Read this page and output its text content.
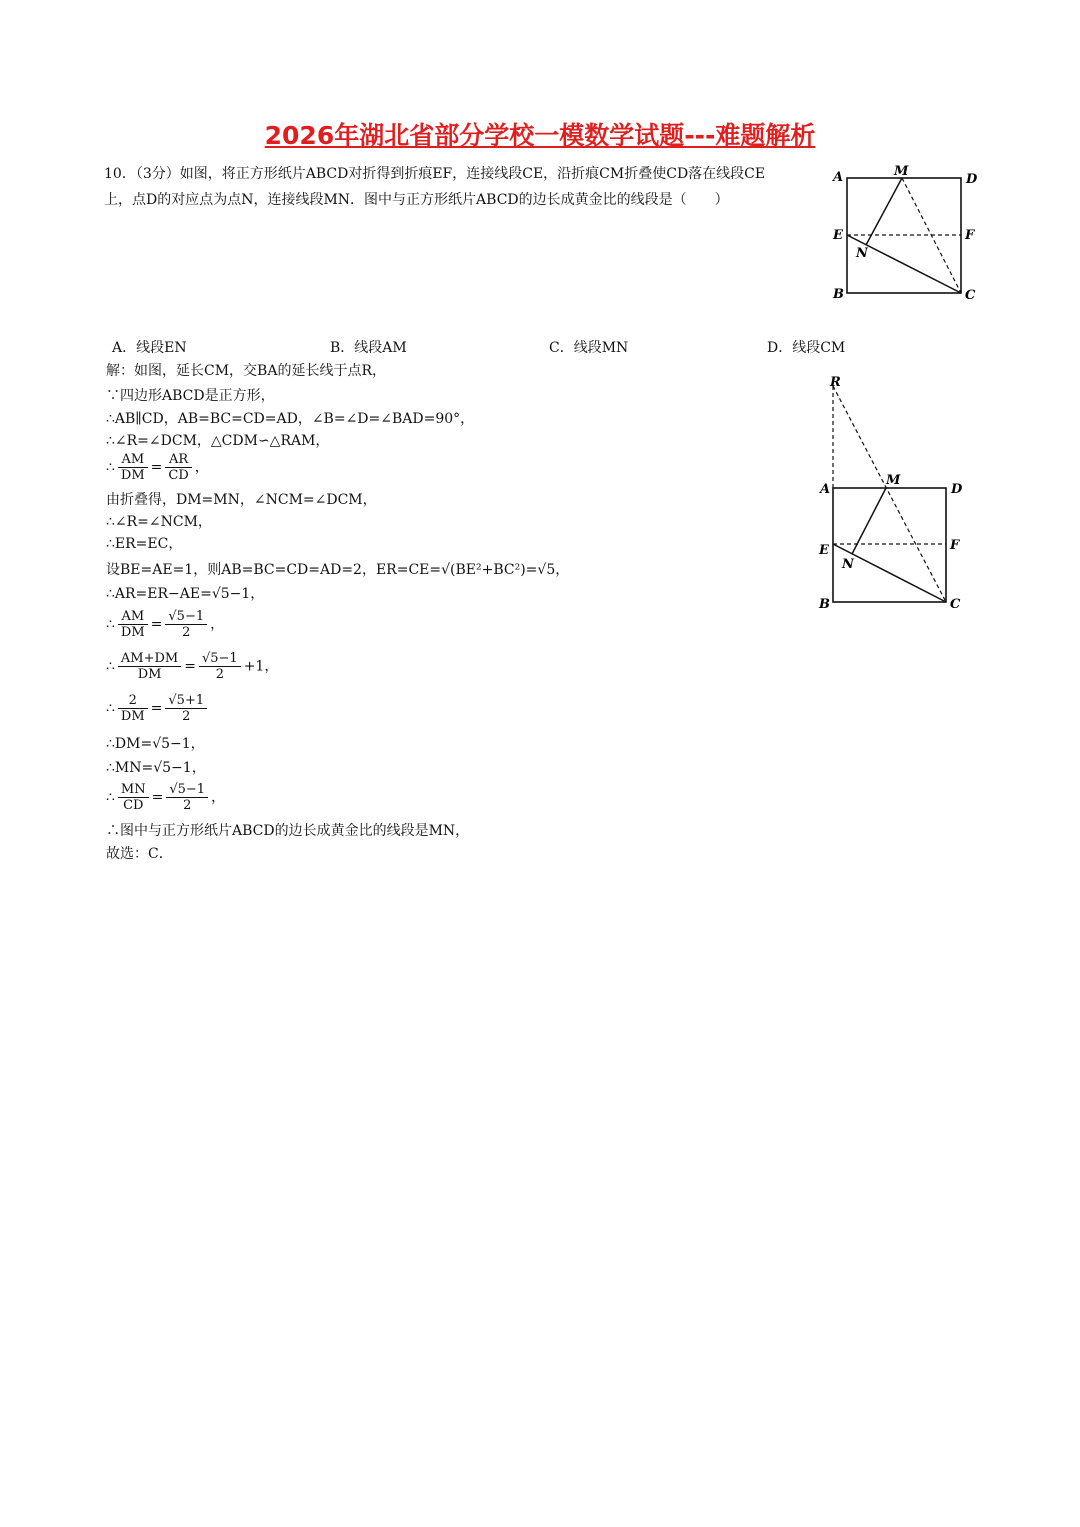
2026年湖北省部分学校一模数学试题---难题解析
10．（3分）如图，将正方形纸片ABCD对折得到折痕EF，连接线段CE，沿折痕CM折叠使CD落在线段CE
上，点D的对应点为点N，连接线段MN．图中与正方形纸片ABCD的边长成黄金比的线段是（　　）
A	M
D
E	F
N
B	C
A．线段EN	B．线段AM	C．线段MN	D．线段CM
R
A
M
D
E	F
N
B	C
解：如图，延长CM，交BA的延长线于点R，
∵四边形ABCD是正方形，
∴AB∥CD，AB=BC=CD=AD，∠B=∠D=∠BAD=90°，
∴∠R=∠DCM，△CDM∽△RAM，
∴ $\frac{AM}{DM} = \frac{AR}{CD}$ ，
由折叠得，DM=MN，∠NCM=∠DCM，
∴∠R=∠NCM，
∴ER=EC，
设BE=AE=1，则AB=BC=CD=AD=2，ER=CE=√(BE²+BC²)=√5，
∴AR=ER−AE=√5−1，
∴ $\frac{AM}{DM} = \frac{√5-1}{2}$ ，
∴ $\frac{AM+DM}{DM} = \frac{√5-1}{2} +1$，
∴ $\frac{2}{DM} = \frac{√5+1}{2}$
∴DM=√5−1，
∴MN=√5−1，
∴ $\frac{MN}{CD} = \frac{√5-1}{2}$ ，
∴图中与正方形纸片ABCD的边长成黄金比的线段是MN，
故选：C．
